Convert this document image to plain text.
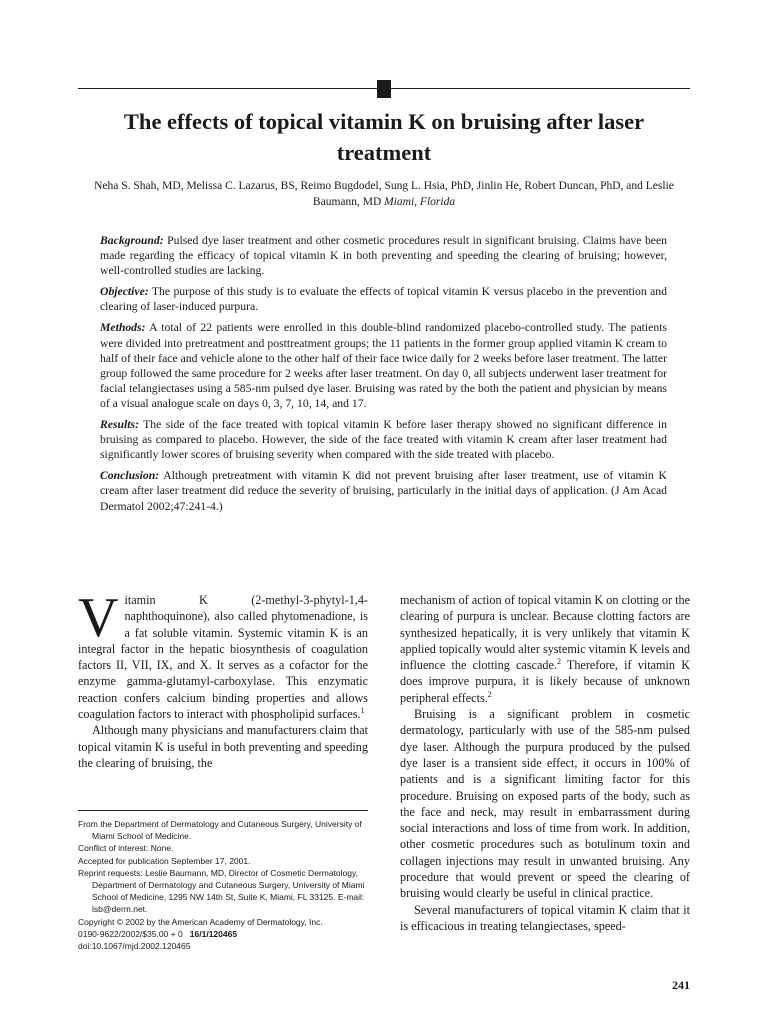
The effects of topical vitamin K on bruising after laser treatment
Neha S. Shah, MD, Melissa C. Lazarus, BS, Reimo Bugdodel, Sung L. Hsia, PhD, Jinlin He, Robert Duncan, PhD, and Leslie Baumann, MD Miami, Florida

Background: Pulsed dye laser treatment and other cosmetic procedures result in significant bruising. Claims have been made regarding the efficacy of topical vitamin K in both preventing and speeding the clearing of bruising; however, well-controlled studies are lacking.

Objective: The purpose of this study is to evaluate the effects of topical vitamin K versus placebo in the prevention and clearing of laser-induced purpura.

Methods: A total of 22 patients were enrolled in this double-blind randomized placebo-controlled study. The patients were divided into pretreatment and posttreatment groups; the 11 patients in the former group applied vitamin K cream to half of their face and vehicle alone to the other half of their face twice daily for 2 weeks before laser treatment. The latter group followed the same procedure for 2 weeks after laser treatment. On day 0, all subjects underwent laser treatment for facial telangiectases using a 585-nm pulsed dye laser. Bruising was rated by the both the patient and physician by means of a visual analogue scale on days 0, 3, 7, 10, 14, and 17.

Results: The side of the face treated with topical vitamin K before laser therapy showed no significant difference in bruising as compared to placebo. However, the side of the face treated with vitamin K cream after laser treatment had significantly lower scores of bruising severity when compared with the side treated with placebo.

Conclusion: Although pretreatment with vitamin K did not prevent bruising after laser treatment, use of vitamin K cream after laser treatment did reduce the severity of bruising, particularly in the initial days of application. (J Am Acad Dermatol 2002;47:241-4.)

Vitamin K (2-methyl-3-phytyl-1,4-naphthoquinone), also called phytomenadione, is a fat soluble vitamin. Systemic vitamin K is an integral factor in the hepatic biosynthesis of coagulation factors II, VII, IX, and X. It serves as a cofactor for the enzyme gamma-glutamyl-carboxylase. This enzymatic reaction confers calcium binding properties and allows coagulation factors to interact with phospholipid surfaces.$^1$

Although many physicians and manufacturers claim that topical vitamin K is useful in both preventing and speeding the clearing of bruising, the

From the Department of Dermatology and Cutaneous Surgery, University of Miami School of Medicine.
Conflict of interest: None.
Accepted for publication September 17, 2001.
Reprint requests: Leslie Baumann, MD, Director of Cosmetic Dermatology, Department of Dermatology and Cutaneous Surgery, University of Miami School of Medicine, 1295 NW 14th St, Suite K, Miami, FL 33125. E-mail: lsb@derm.net.
Copyright © 2002 by the American Academy of Dermatology, Inc.
0190-9622/2002/$35.00 + 0 16/1/120465
doi:10.1067/mjd.2002.120465

mechanism of action of topical vitamin K on clotting or the clearing of purpura is unclear. Because clotting factors are synthesized hepatically, it is very unlikely that vitamin K applied topically would alter systemic vitamin K levels and influence the clotting cascade.$^2$ Therefore, if vitamin K does improve purpura, it is likely because of unknown peripheral effects.$^2$

Bruising is a significant problem in cosmetic dermatology, particularly with use of the 585-nm pulsed dye laser. Although the purpura produced by the pulsed dye laser is a transient side effect, it occurs in 100% of patients and is a significant limiting factor for this procedure. Bruising on exposed parts of the body, such as the face and neck, may result in embarrassment during social interactions and loss of time from work. In addition, other cosmetic procedures such as botulinum toxin and collagen injections may result in unwanted bruising. Any procedure that would prevent or speed the clearing of bruising would clearly be useful in clinical practice.

Several manufacturers of topical vitamin K claim that it is efficacious in treating telangiectases, speed-

241
